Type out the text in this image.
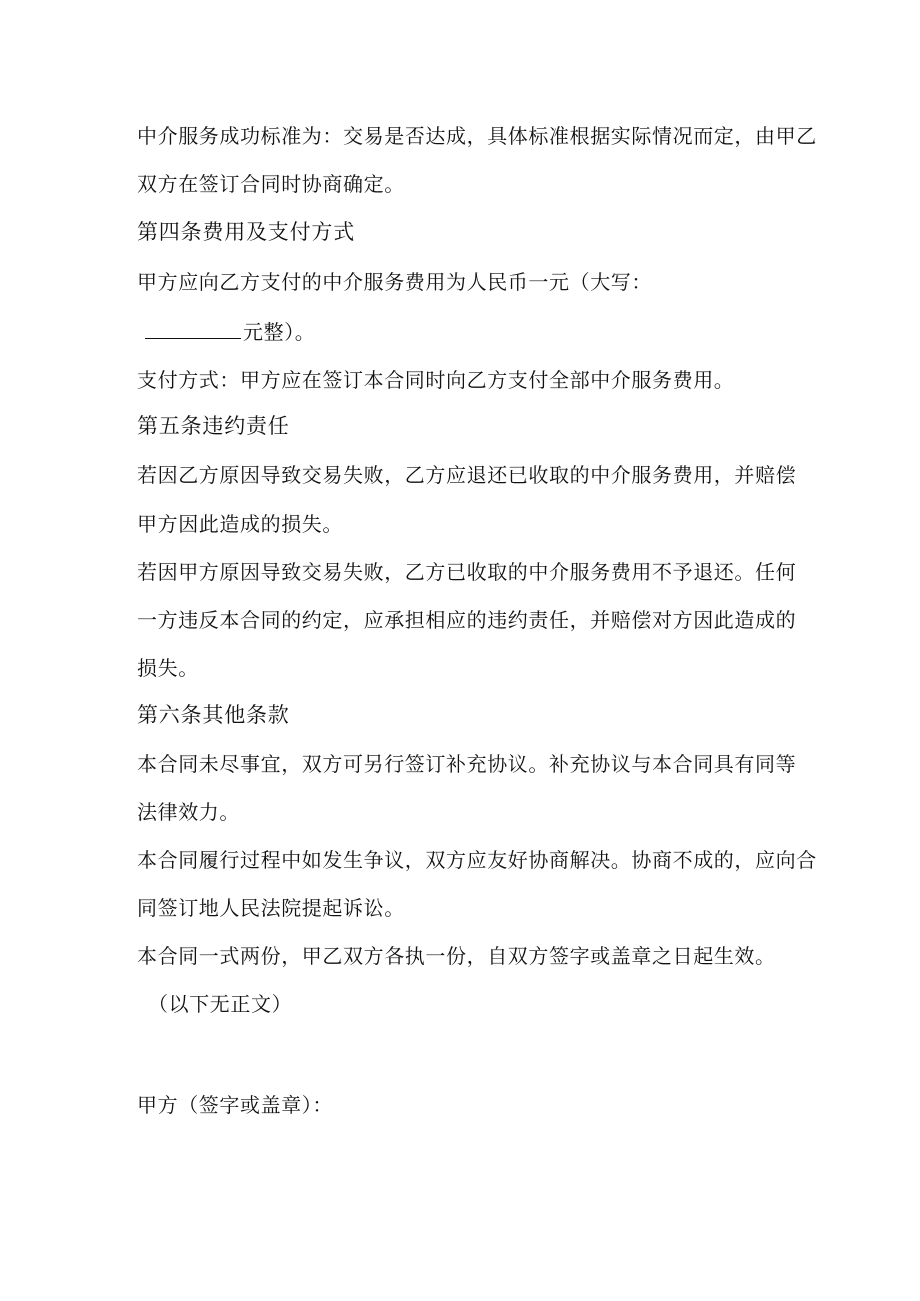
中介服务成功标准为：交易是否达成，具体标准根据实际情况而定，由甲乙
双方在签订合同时协商确定。
第四条费用及支付方式
甲方应向乙方支付的中介服务费用为人民币一元（大写：
元整）。
支付方式：甲方应在签订本合同时向乙方支付全部中介服务费用。
第五条违约责任
若因乙方原因导致交易失败，乙方应退还已收取的中介服务费用，并赔偿
甲方因此造成的损失。
若因甲方原因导致交易失败，乙方已收取的中介服务费用不予退还。任何
一方违反本合同的约定，应承担相应的违约责任，并赔偿对方因此造成的
损失。
第六条其他条款
本合同未尽事宜，双方可另行签订补充协议。补充协议与本合同具有同等
法律效力。
本合同履行过程中如发生争议，双方应友好协商解决。协商不成的，应向合
同签订地人民法院提起诉讼。
本合同一式两份，甲乙双方各执一份，自双方签字或盖章之日起生效。
（以下无正文）
甲方（签字或盖章）：
